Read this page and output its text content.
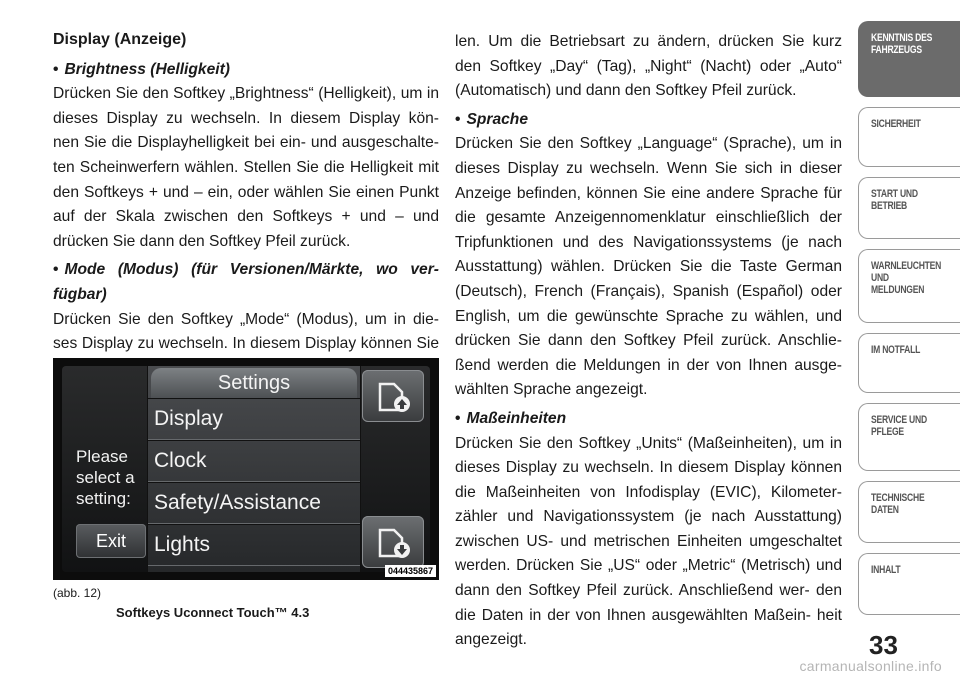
Display (Anzeige)

• Brightness (Helligkeit)

Drücken Sie den Softkey „Brightness“ (Helligkeit), um in dieses Display zu wechseln. In diesem Display kön- nen Sie die Displayhelligkeit bei ein- und ausgeschalte- ten Scheinwerfern wählen. Stellen Sie die Helligkeit mit den Softkeys + und – ein, oder wählen Sie einen Punkt auf der Skala zwischen den Softkeys + und – und drücken Sie dann den Softkey Pfeil zurück.

• Mode (Modus) (für Versionen/Märkte, wo ver- fügbar)

Drücken Sie den Softkey „Mode“ (Modus), um in die- ses Display zu wechseln. In diesem Display können Sie

Please select a setting:
Exit
Settings
Display
Clock
Safety/Assistance
Lights
044435867
(abb. 12)
Softkeys Uconnect Touch™ 4.3

len. Um die Betriebsart zu ändern, drücken Sie kurz den Softkey „Day“ (Tag), „Night“ (Nacht) oder „Auto“ (Automatisch) und dann den Softkey Pfeil zurück.

• Sprache

Drücken Sie den Softkey „Language“ (Sprache), um in dieses Display zu wechseln. Wenn Sie sich in dieser Anzeige befinden, können Sie eine andere Sprache für die gesamte Anzeigennomenklatur einschließlich der Tripfunktionen und des Navigationssystems (je nach Ausstattung) wählen. Drücken Sie die Taste German (Deutsch), French (Français), Spanish (Español) oder English, um die gewünschte Sprache zu wählen, und drücken Sie dann den Softkey Pfeil zurück. Anschlie- ßend werden die Meldungen in der von Ihnen ausge- wählten Sprache angezeigt.

• Maßeinheiten

Drücken Sie den Softkey „Units“ (Maßeinheiten), um in dieses Display zu wechseln. In diesem Display können die Maßeinheiten von Infodisplay (EVIC), Kilometer- zähler und Navigationssystem (je nach Ausstattung) zwischen US- und metrischen Einheiten umgeschaltet werden. Drücken Sie „US“ oder „Metric“ (Metrisch) und dann den Softkey Pfeil zurück. Anschließend wer- den die Daten in der von Ihnen ausgewählten Maßein- heit angezeigt.

KENNTNIS DES FAHRZEUGS
SICHERHEIT
START UND BETRIEB
WARNLEUCHTEN UND MELDUNGEN
IM NOTFALL
SERVICE UND PFLEGE
TECHNISCHE DATEN
INHALT
33
carmanualsonline.info
